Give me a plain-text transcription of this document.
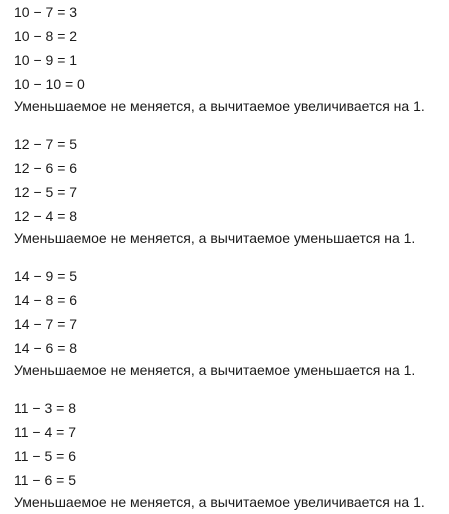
10 − 7 = 3
10 − 8 = 2
10 − 9 = 1
10 − 10 = 0
Уменьшаемое не меняется, а вычитаемое увеличивается на 1.
12 − 7 = 5
12 − 6 = 6
12 − 5 = 7
12 − 4 = 8
Уменьшаемое не меняется, а вычитаемое уменьшается на 1.
14 − 9 = 5
14 − 8 = 6
14 − 7 = 7
14 − 6 = 8
Уменьшаемое не меняется, а вычитаемое уменьшается на 1.
11 − 3 = 8
11 − 4 = 7
11 − 5 = 6
11 − 6 = 5
Уменьшаемое не меняется, а вычитаемое увеличивается на 1.
